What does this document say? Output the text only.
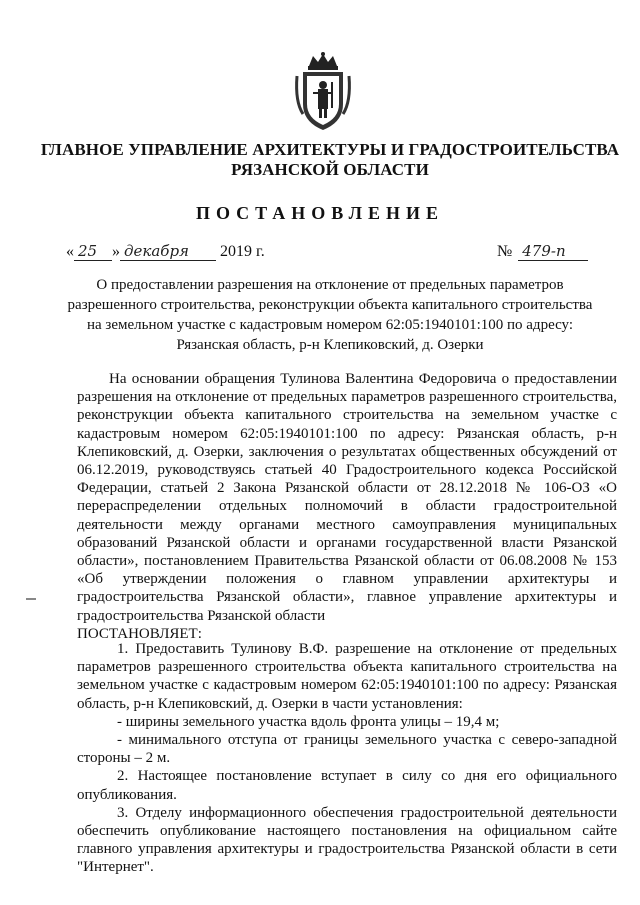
ГЛАВНОЕ УПРАВЛЕНИЕ АРХИТЕКТУРЫ И ГРАДОСТРОИТЕЛЬСТВА
РЯЗАНСКОЙ ОБЛАСТИ
ПОСТАНОВЛЕНИЕ
« 25 » декабря 2019 г.	№ 479-п
О предоставлении разрешения на отклонение от предельных параметров
разрешенного строительства, реконструкции объекта капитального строительства
на земельном участке с кадастровым номером 62:05:1940101:100 по адресу:
Рязанская область, р-н Клепиковский, д. Озерки

На основании обращения Тулинова Валентина Федоровича о предоставлении разрешения на отклонение от предельных параметров разрешенного строительства, реконструкции объекта капитального строительства на земельном участке с кадастровым номером 62:05:1940101:100 по адресу: Рязанская область, р-н Клепиковский, д. Озерки, заключения о результатах общественных обсуждений от 06.12.2019, руководствуясь статьей 40 Градостроительного кодекса Российской Федерации, статьей 2 Закона Рязанской области от 28.12.2018 № 106-ОЗ «О перераспределении отдельных полномочий в области градостроительной деятельности между органами местного самоуправления муниципальных образований Рязанской области и органами государственной власти Рязанской области», постановлением Правительства Рязанской области от 06.08.2008 № 153 «Об утверждении положения о главном управлении архитектуры и градостроительства Рязанской области», главное управление архитектуры и градостроительства Рязанской области

ПОСТАНОВЛЯЕТ:

1. Предоставить Тулинову В.Ф. разрешение на отклонение от предельных параметров разрешенного строительства объекта капитального строительства на земельном участке с кадастровым номером 62:05:1940101:100 по адресу: Рязанская область, р-н Клепиковский, д. Озерки в части установления:

- ширины земельного участка вдоль фронта улицы – 19,4 м;

- минимального отступа от границы земельного участка с северо-западной стороны – 2 м.

2. Настоящее постановление вступает в силу со дня его официального опубликования.

3. Отделу информационного обеспечения градостроительной деятельности обеспечить опубликование настоящего постановления на официальном сайте главного управления архитектуры и градостроительства Рязанской области в сети "Интернет".
